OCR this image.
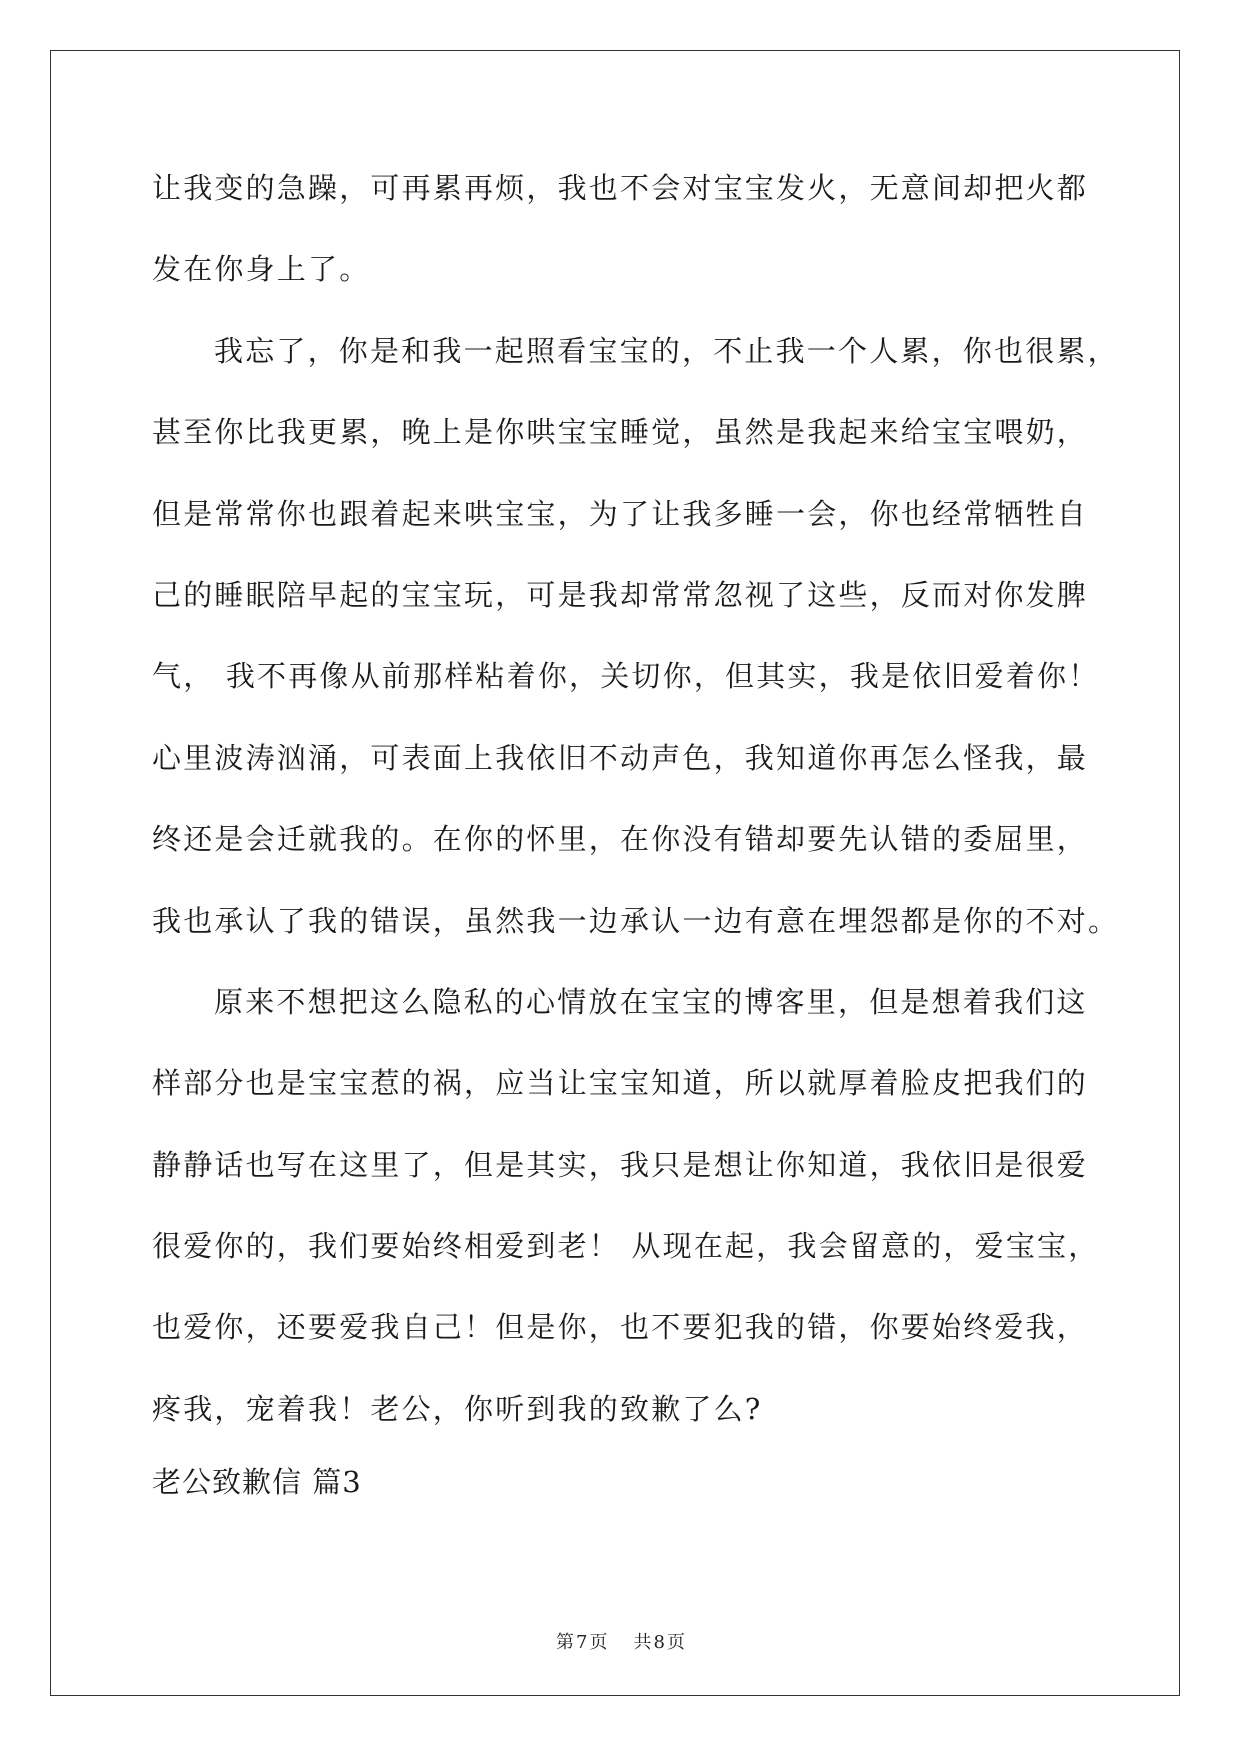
让我变的急躁，可再累再烦，我也不会对宝宝发火，无意间却把火都
发在你身上了。
我忘了，你是和我一起照看宝宝的，不止我一个人累，你也很累，
甚至你比我更累，晚上是你哄宝宝睡觉，虽然是我起来给宝宝喂奶，
但是常常你也跟着起来哄宝宝，为了让我多睡一会，你也经常牺牲自
己的睡眠陪早起的宝宝玩，可是我却常常忽视了这些，反而对你发脾
气， 我不再像从前那样粘着你，关切你，但其实，我是依旧爱着你！
心里波涛汹涌，可表面上我依旧不动声色，我知道你再怎么怪我，最
终还是会迁就我的。在你的怀里，在你没有错却要先认错的委屈里，
我也承认了我的错误，虽然我一边承认一边有意在埋怨都是你的不对。
原来不想把这么隐私的心情放在宝宝的博客里，但是想着我们这
样部分也是宝宝惹的祸，应当让宝宝知道，所以就厚着脸皮把我们的
静静话也写在这里了，但是其实，我只是想让你知道，我依旧是很爱
很爱你的，我们要始终相爱到老！ 从现在起，我会留意的，爱宝宝，
也爱你，还要爱我自己！但是你，也不要犯我的错，你要始终爱我，
疼我，宠着我！老公，你听到我的致歉了么?
老公致歉信 篇3
第 7 页 共 8 页
